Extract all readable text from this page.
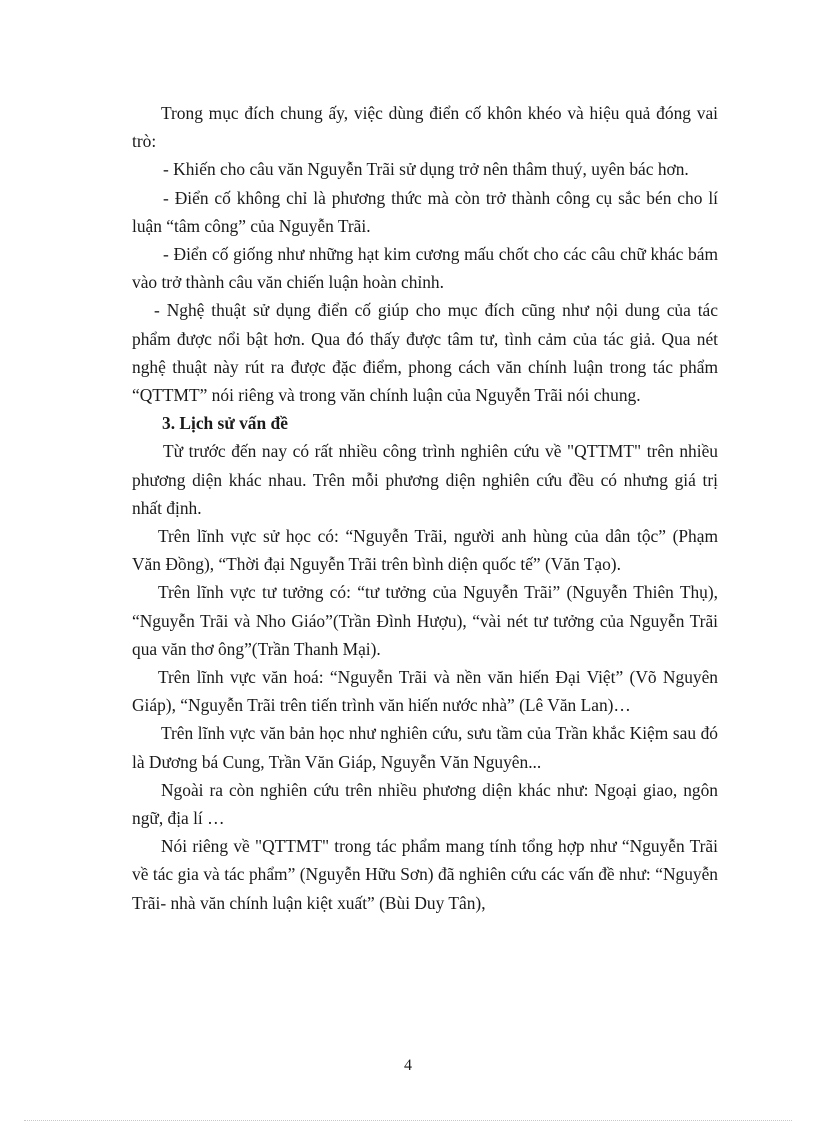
Trong mục đích chung ấy, việc dùng điển cố khôn khéo và hiệu quả đóng vai trò:

- Khiến cho câu văn Nguyễn Trãi sử dụng trở nên thâm thuý, uyên bác hơn.

- Điển cố không chỉ là phương thức mà còn trở thành công cụ sắc bén cho lí luận “tâm công” của Nguyễn Trãi.

- Điển cố giống như những hạt kim cương mấu chốt cho các câu chữ khác bám vào trở thành câu văn chiến luận hoàn chỉnh.

- Nghệ thuật sử dụng điển cố giúp cho mục đích cũng như nội dung của tác phẩm được nổi bật hơn. Qua đó thấy được tâm tư, tình cảm của tác giả. Qua nét nghệ thuật này rút ra được đặc điểm, phong cách văn chính luận trong tác phẩm “QTTMT” nói riêng và trong văn chính luận của Nguyễn Trãi nói chung.

3. Lịch sử vấn đề

Từ trước đến nay có rất nhiều công trình nghiên cứu về "QTTMT" trên nhiều phương diện khác nhau. Trên mỗi phương diện nghiên cứu đều có nhưng giá trị nhất định.

Trên lĩnh vực sử học có: “Nguyễn Trãi, người anh hùng của dân tộc” (Phạm Văn Đồng), “Thời đại Nguyễn Trãi trên bình diện quốc tế” (Văn Tạo).

Trên lĩnh vực tư tưởng có: “tư tưởng của Nguyễn Trãi” (Nguyễn Thiên Thụ), “Nguyễn Trãi và Nho Giáo”(Trần Đình Hượu), “vài nét tư tưởng của Nguyễn Trãi qua văn thơ ông”(Trần Thanh Mại).

Trên lĩnh vực văn hoá: “Nguyễn Trãi và nền văn hiến Đại Việt” (Võ Nguyên Giáp), “Nguyễn Trãi trên tiến trình văn hiến nước nhà” (Lê Văn Lan)…

Trên lĩnh vực văn bản học như nghiên cứu, sưu tầm của Trần khắc Kiệm sau đó là Dương bá Cung, Trần Văn Giáp, Nguyễn Văn Nguyên...

Ngoài ra còn nghiên cứu trên nhiều phương diện khác như: Ngoại giao, ngôn ngữ, địa lí …

Nói riêng về "QTTMT" trong tác phẩm mang tính tổng hợp như “Nguyễn Trãi về tác gia và tác phẩm” (Nguyễn Hữu Sơn) đã nghiên cứu các vấn đề như: “Nguyễn Trãi- nhà văn chính luận kiệt xuất” (Bùi Duy Tân),

4
